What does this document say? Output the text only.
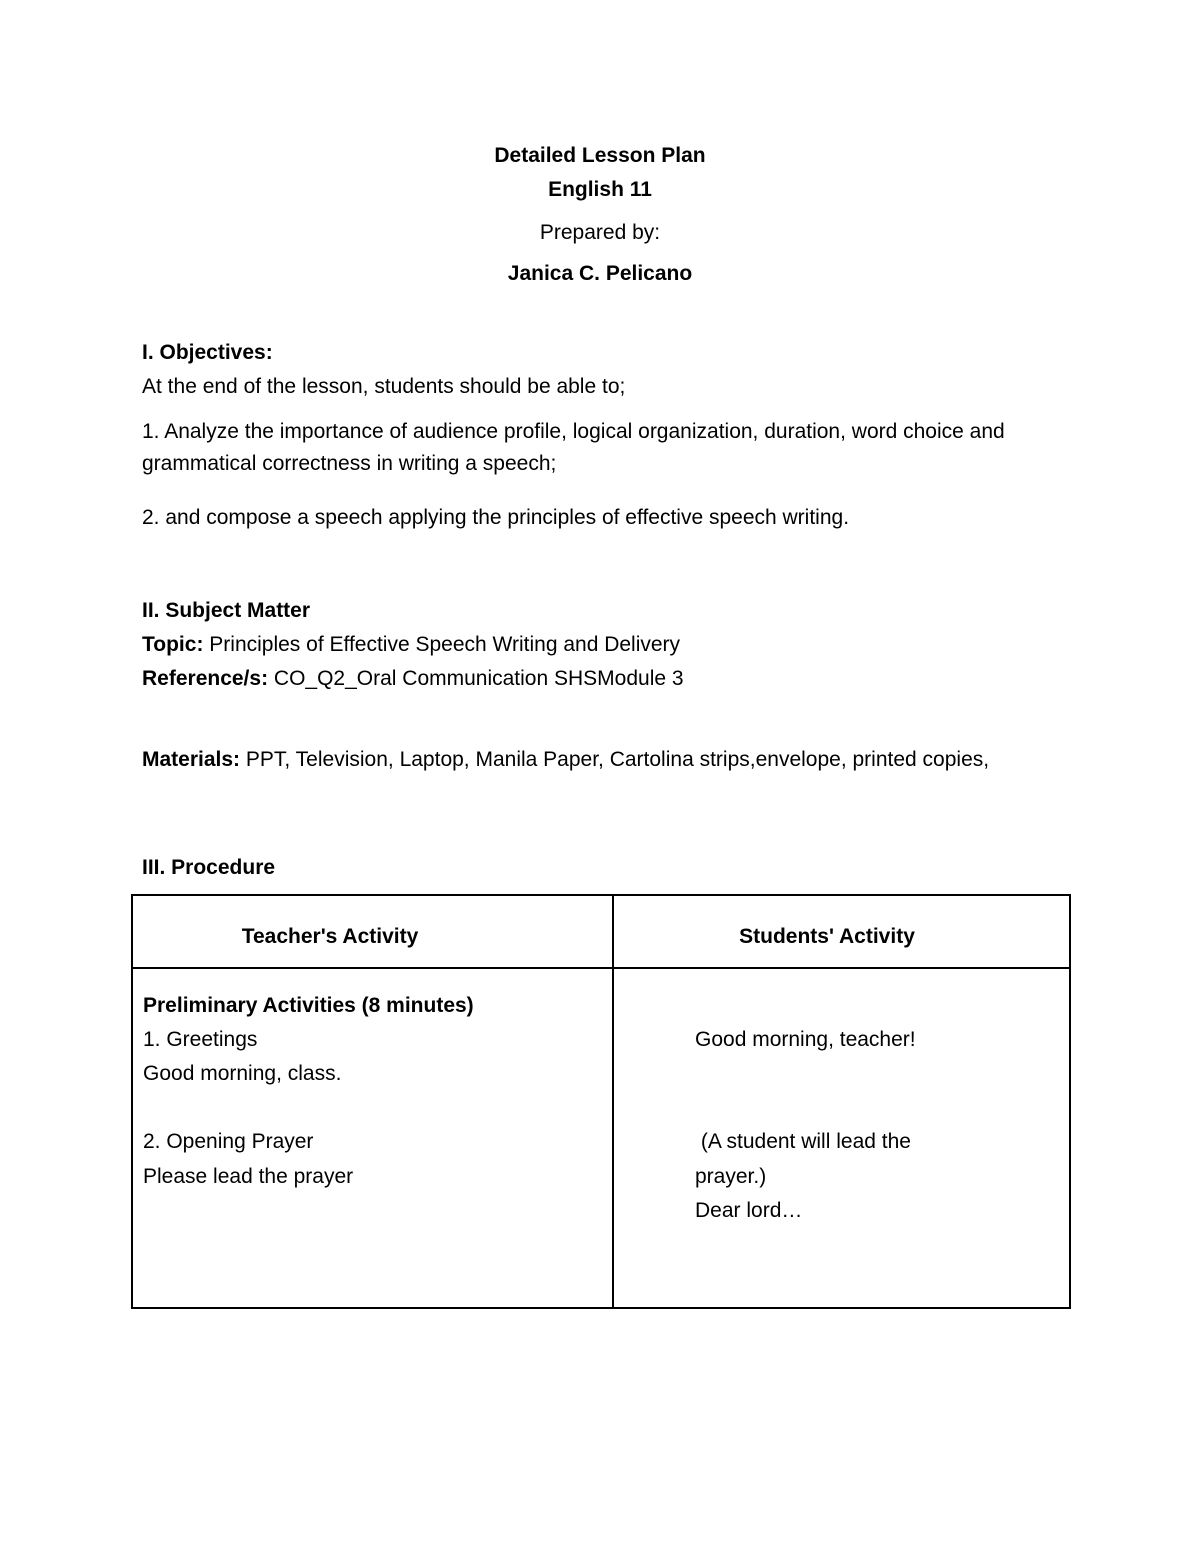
Detailed Lesson Plan
English 11
Prepared by:
Janica C. Pelicano
I. Objectives:
At the end of the lesson, students should be able to;
1. Analyze the importance of audience profile, logical organization, duration, word choice and
grammatical correctness in writing a speech;
2. and compose a speech applying the principles of effective speech writing.
II. Subject Matter
Topic: Principles of Effective Speech Writing and Delivery
Reference/s: CO_Q2_Oral Communication SHSModule 3
Materials: PPT, Television, Laptop, Manila Paper, Cartolina strips,envelope, printed copies,
III. Procedure
Teacher's Activity	Students' Activity
Preliminary Activities (8 minutes)
1. Greetings
Good morning, class.
2. Opening Prayer
Please lead the prayer
Good morning, teacher!
(A student will lead the
prayer.)
Dear lord…
